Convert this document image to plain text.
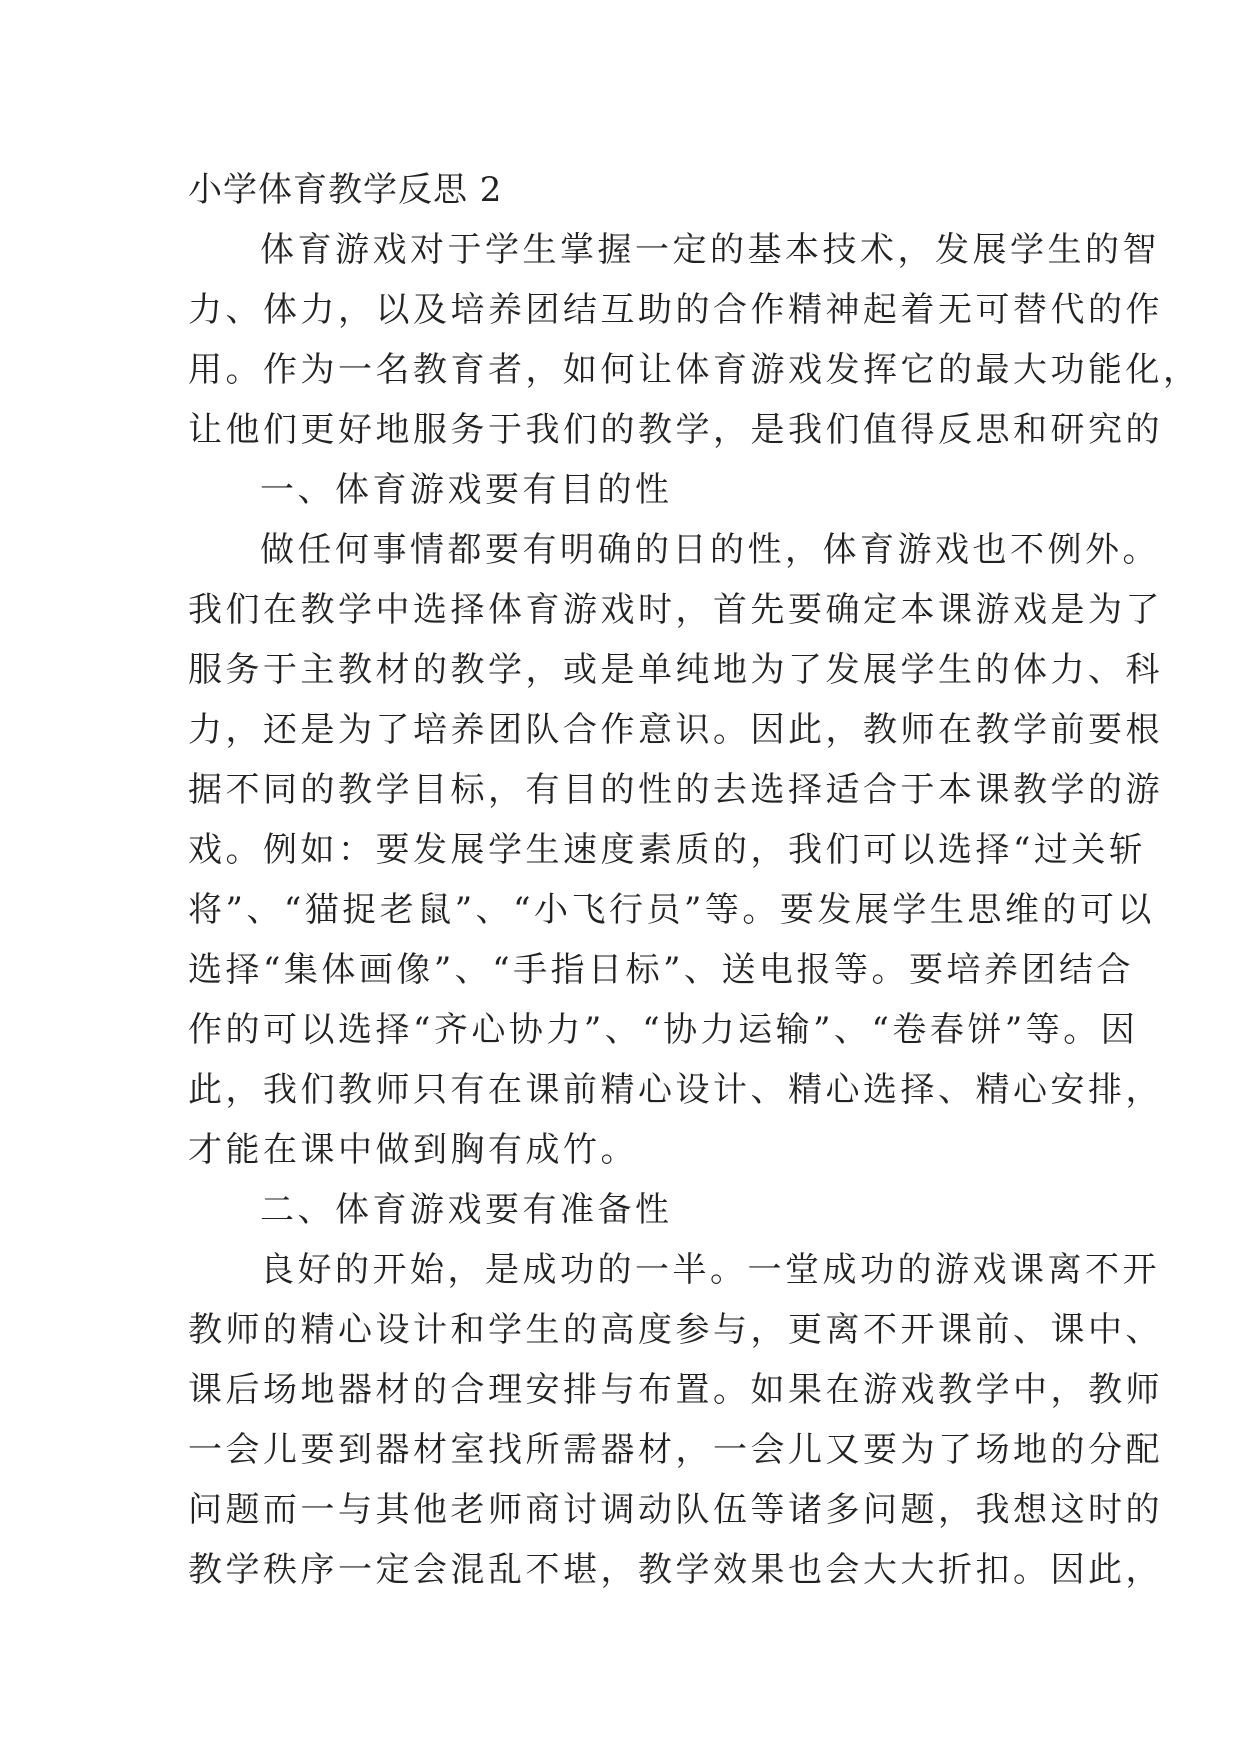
小学体育教学反思 2
体育游戏对于学生掌握一定的基本技术，发展学生的智
力、体力，以及培养团结互助的合作精神起着无可替代的作
用。作为一名教育者，如何让体育游戏发挥它的最大功能化，
让他们更好地服务于我们的教学，是我们值得反思和研究的
一、体育游戏要有目的性
做任何事情都要有明确的日的性，体育游戏也不例外。
我们在教学中选择体育游戏时，首先要确定本课游戏是为了
服务于主教材的教学，或是单纯地为了发展学生的体力、科
力，还是为了培养团队合作意识。因此，教师在教学前要根
据不同的教学目标，有目的性的去选择适合于本课教学的游
戏。例如：要发展学生速度素质的，我们可以选择“过关斩
将”、“猫捉老鼠”、“小飞行员”等。要发展学生思维的可以
选择“集体画像”、“手指日标”、送电报等。要培养团结合
作的可以选择“齐心协力”、“协力运输”、“卷春饼”等。因
此，我们教师只有在课前精心设计、精心选择、精心安排，
才能在课中做到胸有成竹。
二、体育游戏要有准备性
良好的开始，是成功的一半。一堂成功的游戏课离不开
教师的精心设计和学生的高度参与，更离不开课前、课中、
课后场地器材的合理安排与布置。如果在游戏教学中，教师
一会儿要到器材室找所需器材，一会儿又要为了场地的分配
问题而一与其他老师商讨调动队伍等诸多问题，我想这时的
教学秩序一定会混乱不堪，教学效果也会大大折扣。因此，
